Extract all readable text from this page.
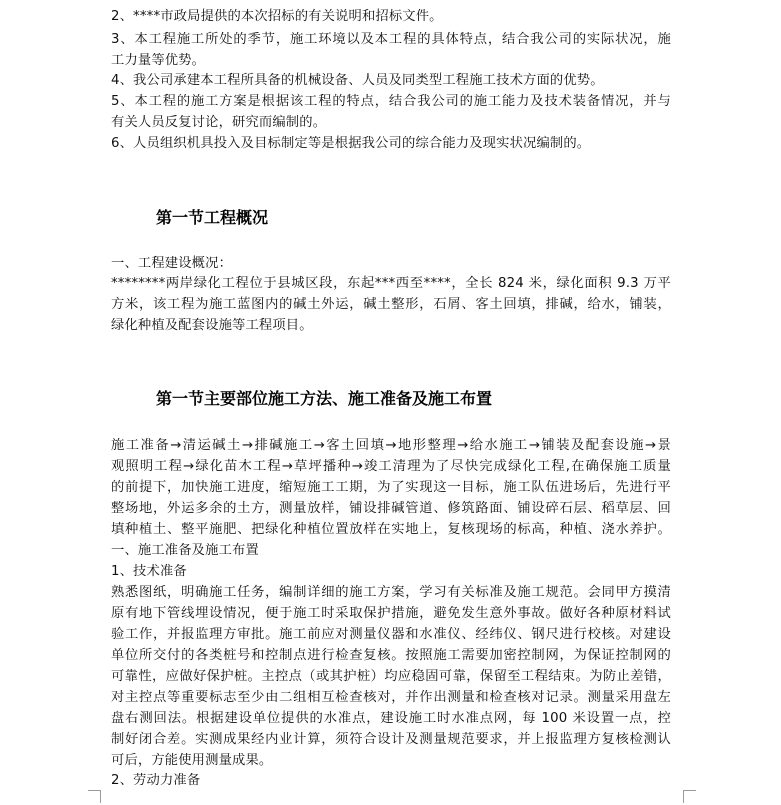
2、****市政局提供的本次招标的有关说明和招标文件。
3、本工程施工所处的季节，施工环境以及本工程的具体特点，结合我公司的实际状况，施
工力量等优势。
4、我公司承建本工程所具备的机械设备、人员及同类型工程施工技术方面的优势。
5、本工程的施工方案是根据该工程的特点，结合我公司的施工能力及技术装备情况，并与
有关人员反复讨论，研究而编制的。
6、人员组织机具投入及目标制定等是根据我公司的综合能力及现实状况编制的。
第一节工程概况
一、工程建设概况：
********两岸绿化工程位于县城区段，东起***西至****，全长 824 米，绿化面积 9.3 万平
方米，该工程为施工蓝图内的碱土外运，碱土整形，石屑、客土回填，排碱，给水，铺装，
绿化种植及配套设施等工程项目。
第一节主要部位施工方法、施工准备及施工布置
施工准备→清运碱土→排碱施工→客土回填→地形整理→给水施工→铺装及配套设施→景
观照明工程→绿化苗木工程→草坪播种→竣工清理为了尽快完成绿化工程,在确保施工质量
的前提下，加快施工进度，缩短施工工期，为了实现这一目标，施工队伍进场后，先进行平
整场地，外运多余的土方，测量放样，铺设排碱管道、修筑路面、铺设碎石层、稻草层、回
填种植土、整平施肥、把绿化种植位置放样在实地上，复核现场的标高，种植、浇水养护。
一、施工准备及施工布置
1、技术准备
熟悉图纸，明确施工任务，编制详细的施工方案，学习有关标准及施工规范。会同甲方摸清
原有地下管线埋设情况，便于施工时采取保护措施，避免发生意外事故。做好各种原材料试
验工作，并报监理方审批。施工前应对测量仪器和水准仪、经纬仪、钢尺进行校核。对建设
单位所交付的各类桩号和控制点进行检查复核。按照施工需要加密控制网，为保证控制网的
可靠性，应做好保护桩。主控点（或其护桩）均应稳固可靠，保留至工程结束。为防止差错，
对主控点等重要标志至少由二组相互检查核对，并作出测量和检查核对记录。测量采用盘左
盘右测回法。根据建设单位提供的水准点，建设施工时水准点网，每 100 米设置一点，控
制好闭合差。实测成果经内业计算，须符合设计及测量规范要求，并上报监理方复核检测认
可后，方能使用测量成果。
2、劳动力准备
